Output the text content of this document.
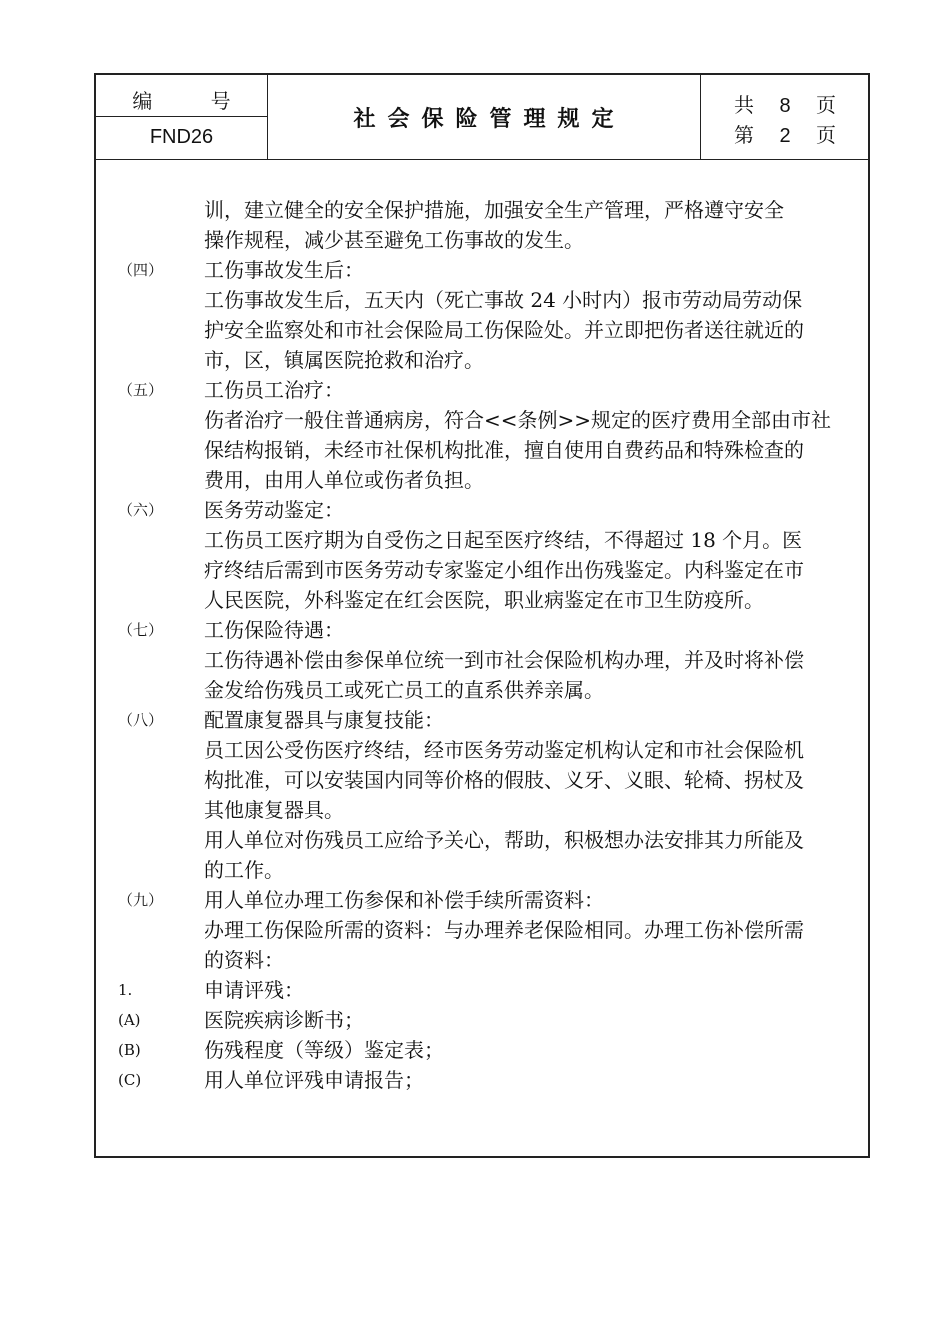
编 号
FND26
社会保险管理规定
共 8 页
第 2 页
训，建立健全的安全保护措施，加强安全生产管理，严格遵守安全
操作规程，减少甚至避免工伤事故的发生。
（四） 工伤事故发生后：
工伤事故发生后，五天内（死亡事故 24 小时内）报市劳动局劳动保
护安全监察处和市社会保险局工伤保险处。并立即把伤者送往就近的
市，区，镇属医院抢救和治疗。
（五） 工伤员工治疗：
伤者治疗一般住普通病房，符合<<条例>>规定的医疗费用全部由市社
保结构报销，未经市社保机构批准，擅自使用自费药品和特殊检查的
费用，由用人单位或伤者负担。
（六） 医务劳动鉴定：
工伤员工医疗期为自受伤之日起至医疗终结，不得超过 18 个月。医
疗终结后需到市医务劳动专家鉴定小组作出伤残鉴定。内科鉴定在市
人民医院，外科鉴定在红会医院，职业病鉴定在市卫生防疫所。
（七） 工伤保险待遇：
工伤待遇补偿由参保单位统一到市社会保险机构办理，并及时将补偿
金发给伤残员工或死亡员工的直系供养亲属。
（八） 配置康复器具与康复技能：
员工因公受伤医疗终结，经市医务劳动鉴定机构认定和市社会保险机
构批准，可以安装国内同等价格的假肢、义牙、义眼、轮椅、拐杖及
其他康复器具。
用人单位对伤残员工应给予关心，帮助，积极想办法安排其力所能及
的工作。
（九） 用人单位办理工伤参保和补偿手续所需资料：
办理工伤保险所需的资料：与办理养老保险相同。办理工伤补偿所需
的资料：
1.	申请评残：
(A)	医院疾病诊断书；
(B)	伤残程度（等级）鉴定表；
(C)	用人单位评残申请报告；
